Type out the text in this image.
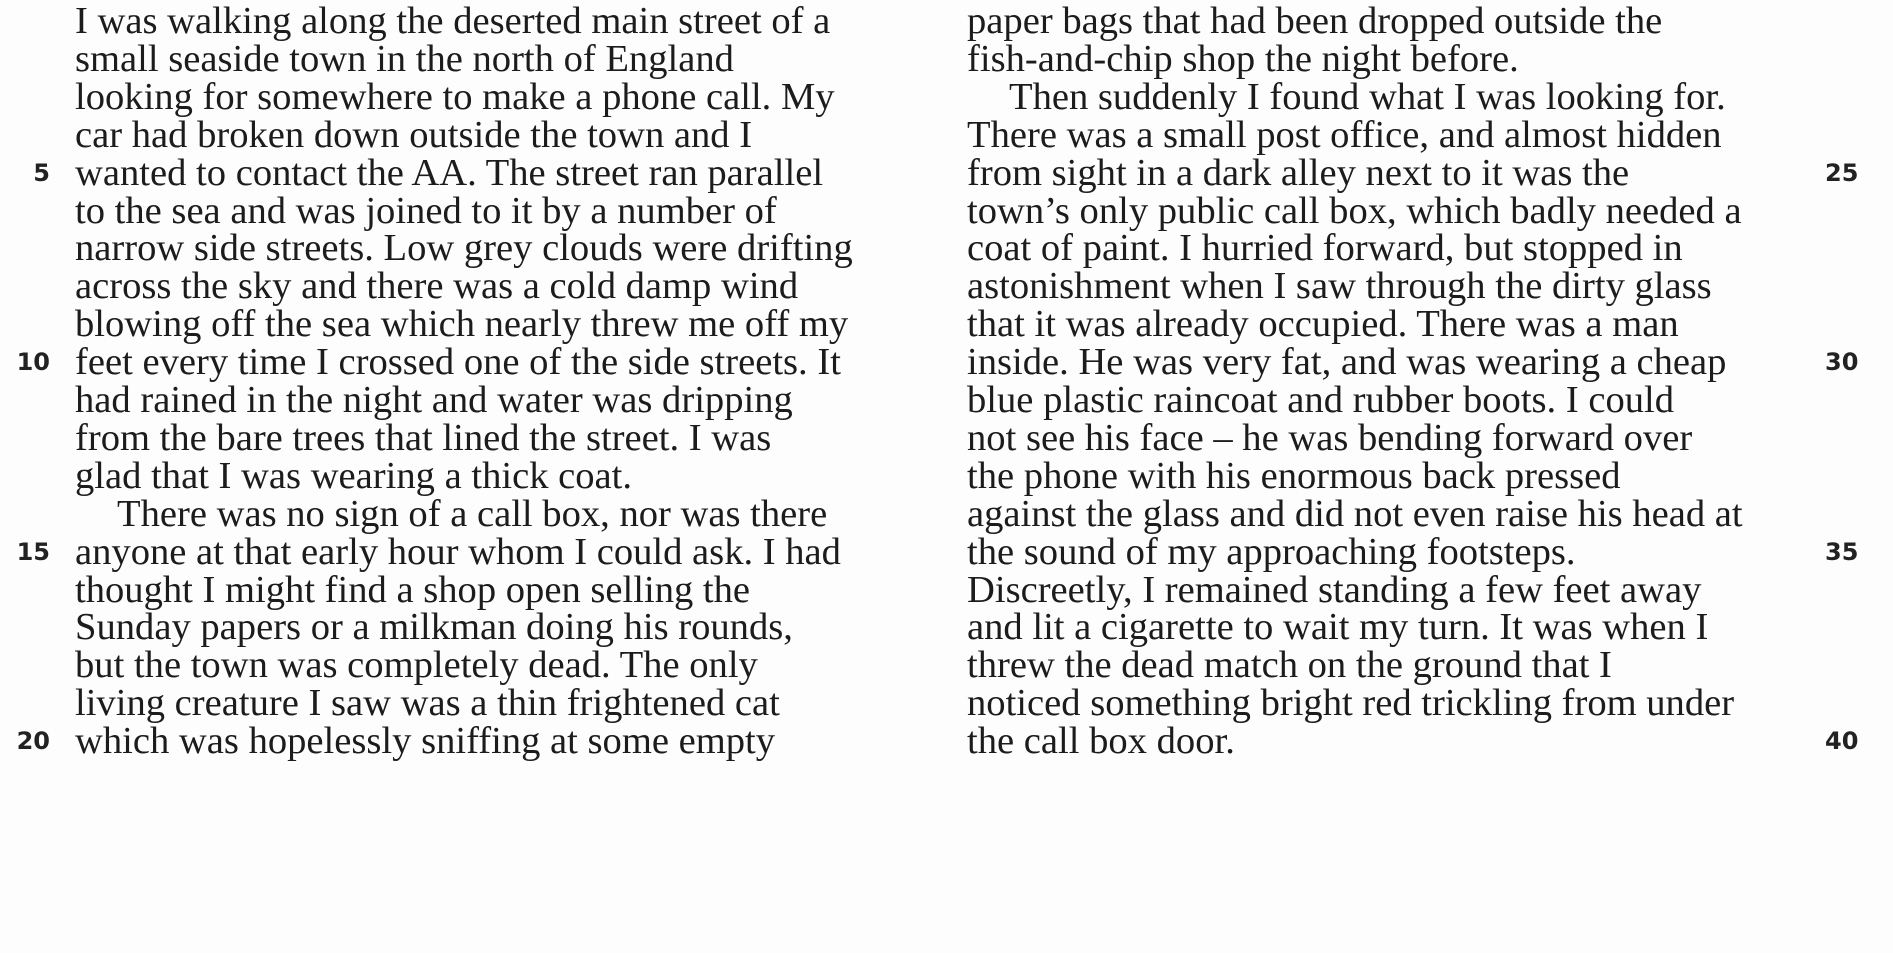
I was walking along the deserted main street of a
small seaside town in the north of England
looking for somewhere to make a phone call. My
car had broken down outside the town and I
wanted to contact the AA. The street ran parallel
to the sea and was joined to it by a number of
narrow side streets. Low grey clouds were drifting
across the sky and there was a cold damp wind
blowing off the sea which nearly threw me off my
feet every time I crossed one of the side streets. It
had rained in the night and water was dripping
from the bare trees that lined the street. I was
glad that I was wearing a thick coat.
There was no sign of a call box, nor was there
anyone at that early hour whom I could ask. I had
thought I might find a shop open selling the
Sunday papers or a milkman doing his rounds,
but the town was completely dead. The only
living creature I saw was a thin frightened cat
which was hopelessly sniffing at some empty
paper bags that had been dropped outside the
fish-and-chip shop the night before.
Then suddenly I found what I was looking for.
There was a small post office, and almost hidden
from sight in a dark alley next to it was the
town’s only public call box, which badly needed a
coat of paint. I hurried forward, but stopped in
astonishment when I saw through the dirty glass
that it was already occupied. There was a man
inside. He was very fat, and was wearing a cheap
blue plastic raincoat and rubber boots. I could
not see his face – he was bending forward over
the phone with his enormous back pressed
against the glass and did not even raise his head at
the sound of my approaching footsteps.
Discreetly, I remained standing a few feet away
and lit a cigarette to wait my turn. It was when I
threw the dead match on the ground that I
noticed something bright red trickling from under
the call box door.
5
10
15
20
25
30
35
40
